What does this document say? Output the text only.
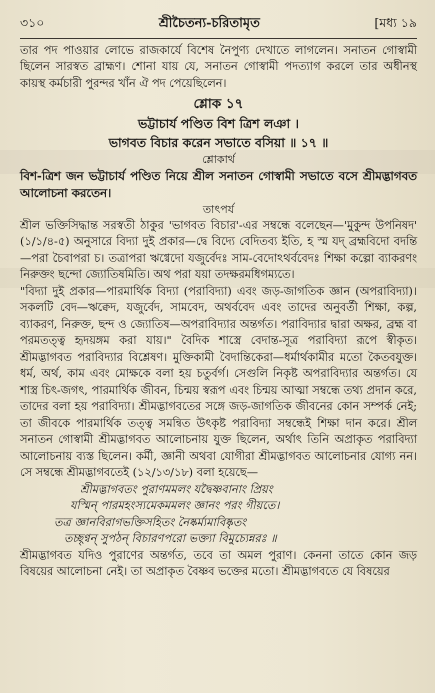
৩১০	শ্রীচৈতন্য-চরিতামৃত	[মধ্য ১৯

তার পদ পাওয়ার লোভে রাজকার্যে বিশেষ নৈপুণ্য দেখাতে লাগলেন। সনাতন গোস্বামী ছিলেন সারস্বত ব্রাহ্মণ। শোনা যায় যে, সনাতন গোস্বামী পদত্যাগ করলে তার অধীনস্থ কায়স্থ কর্মচারী পুরন্দর খাঁন ঐ পদ পেয়েছিলেন।

শ্লোক ১৭
ভট্টাচার্য পণ্ডিত বিশ ত্রিশ লঞা ।
ভাগবত বিচার করেন সভাতে বসিয়া ॥ ১৭ ॥
শ্লোকার্থ

বিশ-ত্রিশ জন ভট্টাচার্য পণ্ডিত নিয়ে শ্রীল সনাতন গোস্বামী সভাতে বসে শ্রীমদ্ভাগবত আলোচনা করতেন।

তাৎপর্য

শ্রীল ভক্তিসিদ্ধান্ত সরস্বতী ঠাকুর 'ভাগবত বিচার'-এর সম্বন্ধে বলেছেন—'মুকুন্দ উপনিষদ' (১/১/৪-৫) অনুসারে বিদ্যা দুই প্রকার—দ্বে বিদ্যে বেদিতব্য ইতি, হ স্ম যদ্ ব্রহ্মবিদো বদন্তি—পরা চৈবাপরা চ। তত্রাপরা ঋগ্বেদো যজুর্বেদঃ সাম-বেদোঽথর্ববেদঃ শিক্ষা কল্পো ব্যাকরণং নিরুক্তং ছন্দো জ্যোতিষমিতি। অথ পরা যয়া তদক্ষরমধিগম্যতে।

"বিদ্যা দুই প্রকার—পারমার্থিক বিদ্যা (পরাবিদ্যা) এবং জড়-জাগতিক জ্ঞান (অপরাবিদ্যা)। সকলটি বেদ—ঋক্বেদ, যজুর্বেদ, সামবেদ, অথর্ববেদ এবং তাদের অনুবর্তী শিক্ষা, কল্প, ব্যাকরণ, নিরুক্ত, ছন্দ ও জ্যোতিষ—অপরাবিদ্যার অন্তর্গত। পরাবিদ্যার দ্বারা অক্ষর, ব্রহ্ম বা পরমতত্ত্ব হৃদয়ঙ্গম করা যায়।" বৈদিক শাস্ত্রে বেদান্ত-সূত্র পরাবিদ্যা রূপে স্বীকৃত। শ্রীমদ্ভাগবত পরাবিদ্যার বিশ্লেষণ। মুক্তিকামী বৈদান্তিকেরা—ধর্মার্থকামীর মতো কৈতবযুক্ত। ধর্ম, অর্থ, কাম এবং মোক্ষকে বলা হয় চতুর্বর্গ। সেগুলি নিকৃষ্ট অপরাবিদ্যার অন্তর্গত। যে শাস্ত্র চিৎ-জগৎ, পারমার্থিক জীবন, চিন্ময় স্বরূপ এবং চিন্ময় আত্মা সম্বন্ধে তথ্য প্রদান করে, তাদের বলা হয় পরাবিদ্যা। শ্রীমদ্ভাগবতের সঙ্গে জড়-জাগতিক জীবনের কোন সম্পর্ক নেই; তা জীবকে পারমার্থিক তত্ত্ব সমন্বিত উৎকৃষ্ট পরাবিদ্যা সম্বন্ধেই শিক্ষা দান করে। শ্রীল সনাতন গোস্বামী শ্রীমদ্ভাগবত আলোচনায় যুক্ত ছিলেন, অর্থাৎ তিনি অপ্রাকৃত পরাবিদ্যা আলোচনায় ব্যস্ত ছিলেন। কর্মী, জ্ঞানী অথবা যোগীরা শ্রীমদ্ভাগবত আলোচনার যোগ্য নন। সে সম্বন্ধে শ্রীমদ্ভাগবতেই (১২/১৩/১৮) বলা হয়েছে—

শ্রীমদ্ভাগবতং পুরাণমমলং যদ্বৈষ্ণবানাং প্রিয়ং

যস্মিন্ পারমহংস্যমেকমমলং জ্ঞানং পরং গীয়তে।

তত্র জ্ঞানবিরাগভক্তিসহিতং নৈষ্কর্ম্যমাবিষ্কৃতং

তচ্ছৃণ্বন্ সুপঠন্ বিচারণপরো ভক্ত্যা বিমুচ্যেন্নরঃ ॥

শ্রীমদ্ভাগবত যদিও পুরাণের অন্তর্গত, তবে তা অমল পুরাণ। কেননা তাতে কোন জড় বিষয়ের আলোচনা নেই। তা অপ্রাকৃত বৈষ্ণব ভক্তের মতো। শ্রীমদ্ভাগবতে যে বিষয়ের
